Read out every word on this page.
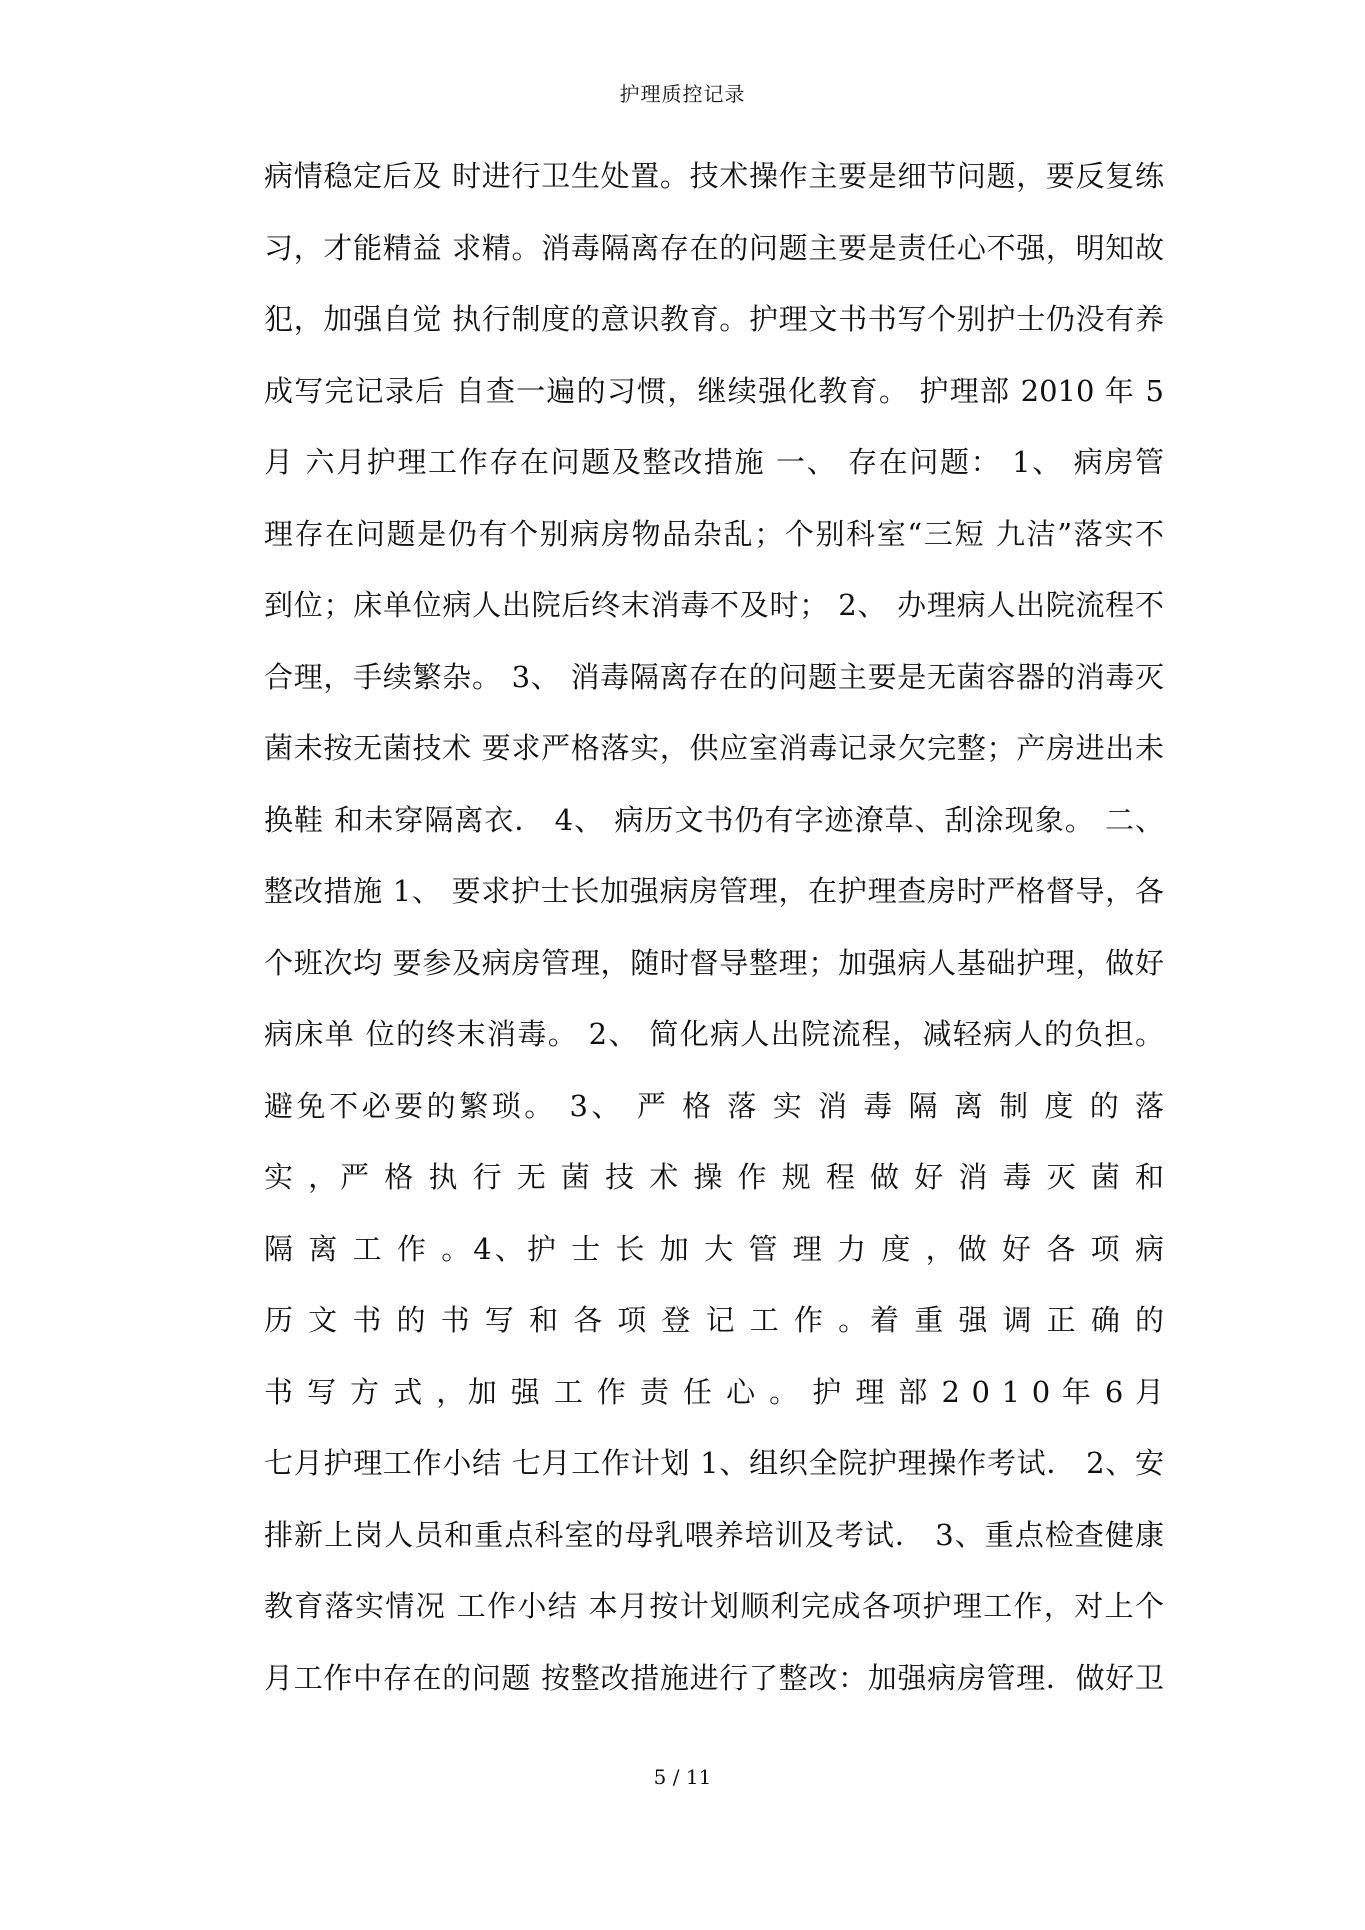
护理质控记录
病情稳定后及 时进行卫生处置。技术操作主要是细节问题，要反复练
习，才能精益 求精。消毒隔离存在的问题主要是责任心不强，明知故
犯，加强自觉 执行制度的意识教育。护理文书书写个别护士仍没有养
成写完记录后 自查一遍的习惯，继续强化教育。 护理部 2010 年 5
月 六月护理工作存在问题及整改措施 一、 存在问题： 1、 病房管
理存在问题是仍有个别病房物品杂乱；个别科室“三短 九洁”落实不
到位；床单位病人出院后终末消毒不及时； 2、 办理病人出院流程不
合理，手续繁杂。 3、 消毒隔离存在的问题主要是无菌容器的消毒灭
菌未按无菌技术 要求严格落实，供应室消毒记录欠完整；产房进出未
换鞋 和未穿隔离衣． 4、 病历文书仍有字迹潦草、刮涂现象。 二、
整改措施 1、 要求护士长加强病房管理，在护理查房时严格督导，各
个班次均 要参及病房管理，随时督导整理；加强病人基础护理，做好
病床单 位的终末消毒。 2、 简化病人出院流程，减轻病人的负担。
避免不必要的繁琐。 3、 严 格 落 实 消 毒 隔 离 制 度 的 落
实 ，严 格 执 行 无 菌 技 术 操 作 规 程 做 好 消 毒 灭 菌 和
隔 离 工 作 。4、护 士 长 加 大 管 理 力 度 ，做 好 各 项 病
历 文 书 的 书 写 和 各 项 登 记 工 作 。着 重 强 调 正 确 的
书 写 方 式 ，加 强 工 作 责 任 心 。 护 理 部 2 0 1 0 年 6 月
七月护理工作小结 七月工作计划 1、组织全院护理操作考试． 2、安
排新上岗人员和重点科室的母乳喂养培训及考试． 3、重点检查健康
教育落实情况 工作小结 本月按计划顺利完成各项护理工作，对上个
月工作中存在的问题 按整改措施进行了整改：加强病房管理．做好卫
5 / 11
